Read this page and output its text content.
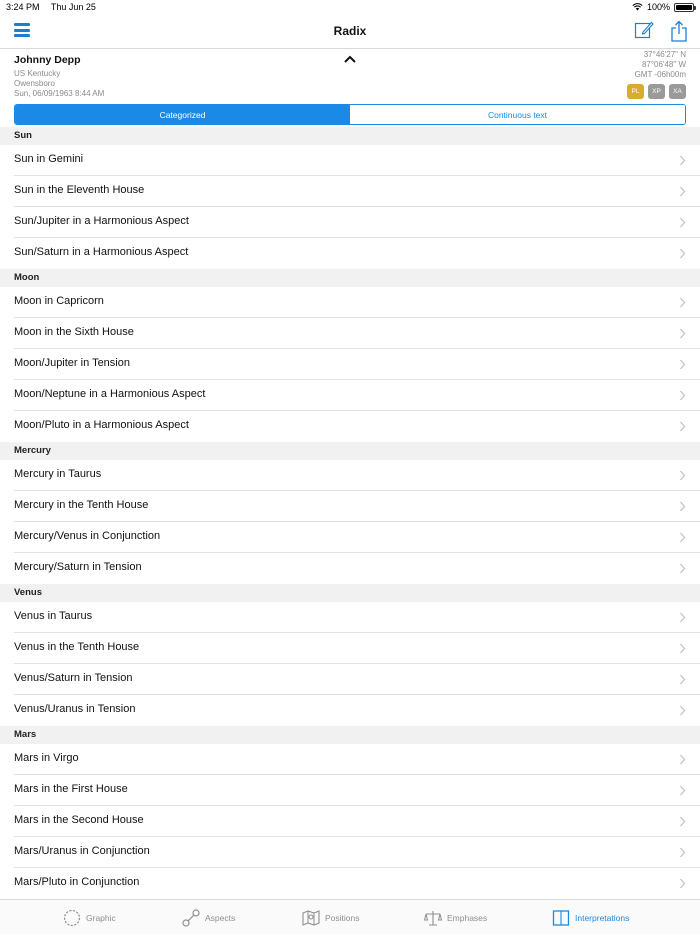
3:24 PM Thu Jun 25	100%
Radix
Johnny Depp
US Kentucky
Owensboro
Sun, 06/09/1963 8:44 AM
37°46'27" N
87°06'48" W
GMT -06h00m
PL	XP	XA
Categorized	Continuous text
Sun
Sun in Gemini
Sun in the Eleventh House
Sun/Jupiter in a Harmonious Aspect
Sun/Saturn in a Harmonious Aspect
Moon
Moon in Capricorn
Moon in the Sixth House
Moon/Jupiter in Tension
Moon/Neptune in a Harmonious Aspect
Moon/Pluto in a Harmonious Aspect
Mercury
Mercury in Taurus
Mercury in the Tenth House
Mercury/Venus in Conjunction
Mercury/Saturn in Tension
Venus
Venus in Taurus
Venus in the Tenth House
Venus/Saturn in Tension
Venus/Uranus in Tension
Mars
Mars in Virgo
Mars in the First House
Mars in the Second House
Mars/Uranus in Conjunction
Mars/Pluto in Conjunction
Graphic	Aspects	Positions	Emphases	Interpretations
